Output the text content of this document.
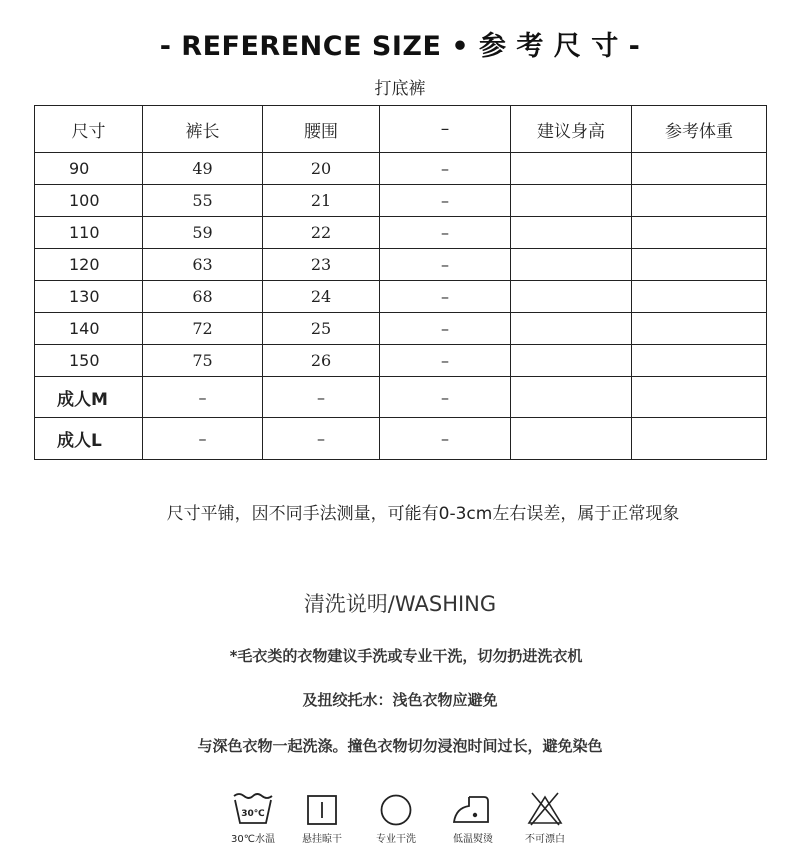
- REFERENCE SIZE • 参 考 尺 寸 -
打底裤
尺寸	裤长	腰围	–	建议身高	参考体重
90	49	20	–		
100	55	21	–		
110	59	22	–		
120	63	23	–		
130	68	24	–		
140	72	25	–		
150	75	26	–		
成人M	–	–	–		
成人L	–	–	–		
尺寸平铺，因不同手法测量，可能有0-3cm左右误差，属于正常现象
清洗说明/WASHING
*毛衣类的衣物建议手洗或专业干洗，切勿扔进洗衣机
及扭绞托水：浅色衣物应避免
与深色衣物一起洗涤。撞色衣物切勿浸泡时间过长，避免染色
30℃
30℃水温	悬挂晾干	专业干洗	低温熨烫	不可漂白
